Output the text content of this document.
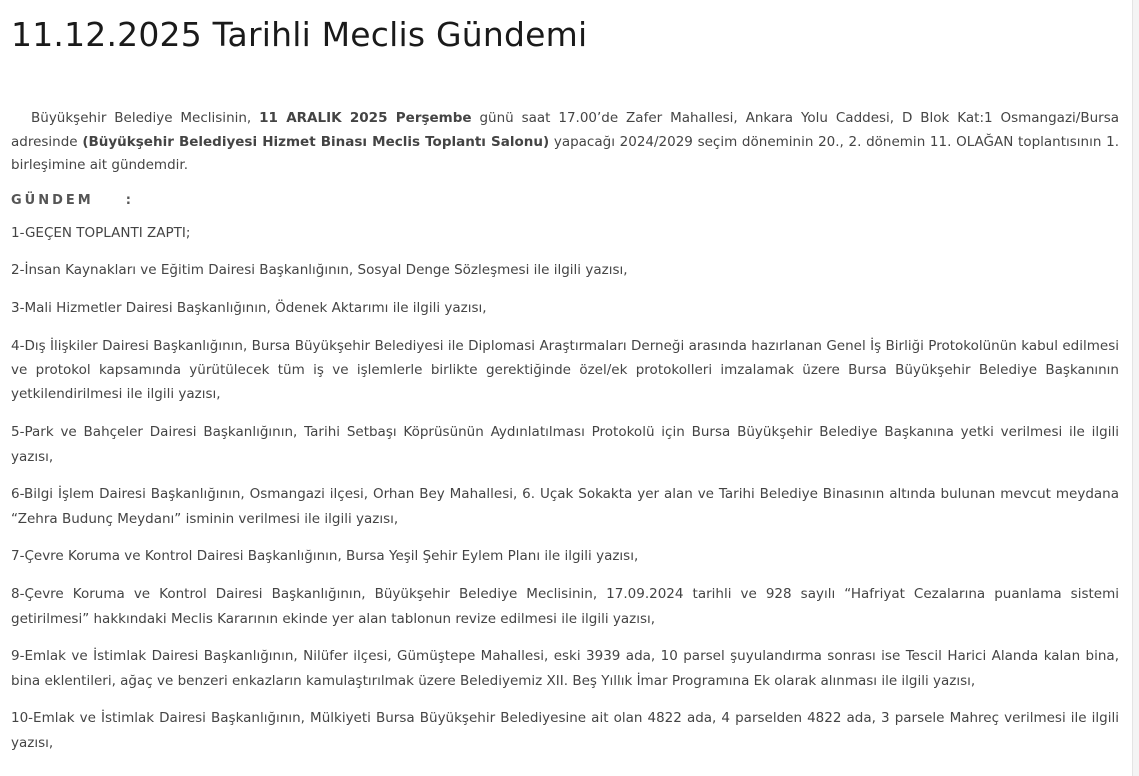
11.12.2025 Tarihli Meclis Gündemi
Büyükşehir Belediye Meclisinin, 11 ARALIK 2025 Perşembe günü saat 17.00’de Zafer Mahallesi, Ankara Yolu Caddesi, D Blok Kat:1 Osmangazi/Bursa adresinde (Büyükşehir Belediyesi Hizmet Binası Meclis Toplantı Salonu) yapacağı 2024/2029 seçim döneminin 20., 2. dönemin 11. OLAĞAN toplantısının 1. birleşimine ait gündemdir.
GÜNDEM :

1-GEÇEN TOPLANTI ZAPTI;

2-İnsan Kaynakları ve Eğitim Dairesi Başkanlığının, Sosyal Denge Sözleşmesi ile ilgili yazısı,

3-Mali Hizmetler Dairesi Başkanlığının, Ödenek Aktarımı ile ilgili yazısı,

4-Dış İlişkiler Dairesi Başkanlığının, Bursa Büyükşehir Belediyesi ile Diplomasi Araştırmaları Derneği arasında hazırlanan Genel İş Birliği Protokolünün kabul edilmesi ve protokol kapsamında yürütülecek tüm iş ve işlemlerle birlikte gerektiğinde özel/ek protokolleri imzalamak üzere Bursa Büyükşehir Belediye Başkanının yetkilendirilmesi ile ilgili yazısı,

5-Park ve Bahçeler Dairesi Başkanlığının, Tarihi Setbaşı Köprüsünün Aydınlatılması Protokolü için Bursa Büyükşehir Belediye Başkanına yetki verilmesi ile ilgili yazısı,

6-Bilgi İşlem Dairesi Başkanlığının, Osmangazi ilçesi, Orhan Bey Mahallesi, 6. Uçak Sokakta yer alan ve Tarihi Belediye Binasının altında bulunan mevcut meydana “Zehra Budunç Meydanı” isminin verilmesi ile ilgili yazısı,

7-Çevre Koruma ve Kontrol Dairesi Başkanlığının, Bursa Yeşil Şehir Eylem Planı ile ilgili yazısı,

8-Çevre Koruma ve Kontrol Dairesi Başkanlığının, Büyükşehir Belediye Meclisinin, 17.09.2024 tarihli ve 928 sayılı “Hafriyat Cezalarına puanlama sistemi getirilmesi” hakkındaki Meclis Kararının ekinde yer alan tablonun revize edilmesi ile ilgili yazısı,

9-Emlak ve İstimlak Dairesi Başkanlığının, Nilüfer ilçesi, Gümüştepe Mahallesi, eski 3939 ada, 10 parsel şuyulandırma sonrası ise Tescil Harici Alanda kalan bina, bina eklentileri, ağaç ve benzeri enkazların kamulaştırılmak üzere Belediyemiz XII. Beş Yıllık İmar Programına Ek olarak alınması ile ilgili yazısı,

10-Emlak ve İstimlak Dairesi Başkanlığının, Mülkiyeti Bursa Büyükşehir Belediyesine ait olan 4822 ada, 4 parselden 4822 ada, 3 parsele Mahreç verilmesi ile ilgili yazısı,
